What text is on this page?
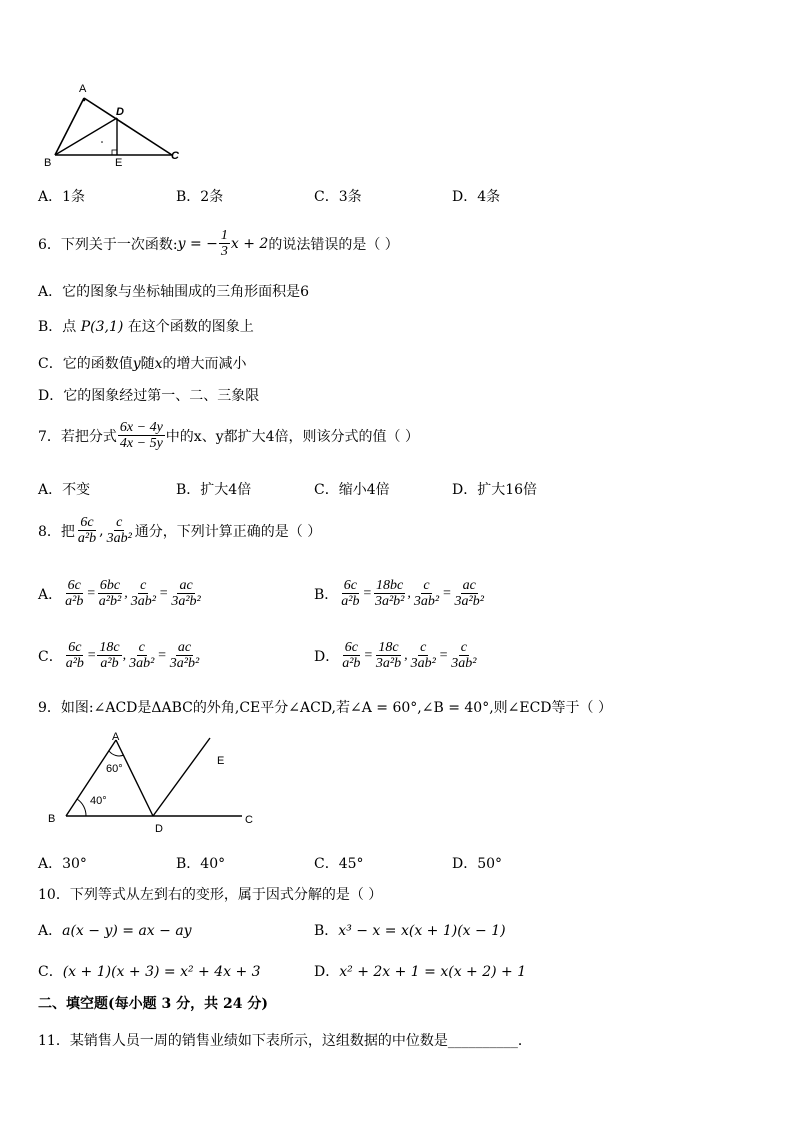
A
B
C
D
E
A．1条	B．2条	C．3条	D．4条
6．下列关于一次函数: y = − $\frac{1}{3}$ x + 2 的说法错误的是（ ）
A．它的图象与坐标轴围成的三角形面积是6
B．点 P(3,1) 在这个函数的图象上
C．它的函数值y随x的增大而减小
D．它的图象经过第一、二、三象限
7．若把分式 $\frac{6x - 4y}{4x - 5y}$ 中的x、y都扩大4倍，则该分式的值（ ）
A．不变	B．扩大4倍	C．缩小4倍	D．扩大16倍
8．把 $\frac{6c}{\text{a²b}}$ , $\frac{c}{\text{3ab²}}$ 通分，下列计算正确的是（ ）
A． $\frac{6c}{\text{a²b}} = \frac{6bc}{\text{a²b²}}$ , $\frac{c}{\text{3ab²}} = \frac{ac}{\text{3a²b²}}$	B． $\frac{6c}{\text{a²b}} = \frac{18bc}{\text{3a²b²}}$ , $\frac{c}{\text{3ab²}} = \frac{ac}{\text{3a²b²}}$
C． $\frac{6c}{\text{a²b}} = \frac{18c}{\text{a²b}}$ , $\frac{c}{\text{3ab²}} = \frac{ac}{\text{3a²b²}}$	D． $\frac{6c}{\text{a²b}} = \frac{18c}{\text{3a²b}}$ , $\frac{c}{\text{3ab²}} = \frac{c}{\text{3ab²}}$
9．如图:∠ACD是ΔABC的外角,CE平分∠ACD,若∠A = 60°,∠B = 40°,则∠ECD等于（ ）
A
B	C
D
E
60°
40°
A．30°	B．40°	C．45°	D．50°
10．下列等式从左到右的变形，属于因式分解的是（ ）
A．a(x − y) = ax − ay	B．x³ − x = x(x + 1)(x − 1)
C．(x + 1)(x + 3) = x² + 4x + 3	D．x² + 2x + 1 = x(x + 2) + 1
二、填空题(每小题 3 分，共 24 分)
11．某销售人员一周的销售业绩如下表所示，这组数据的中位数是__________．
